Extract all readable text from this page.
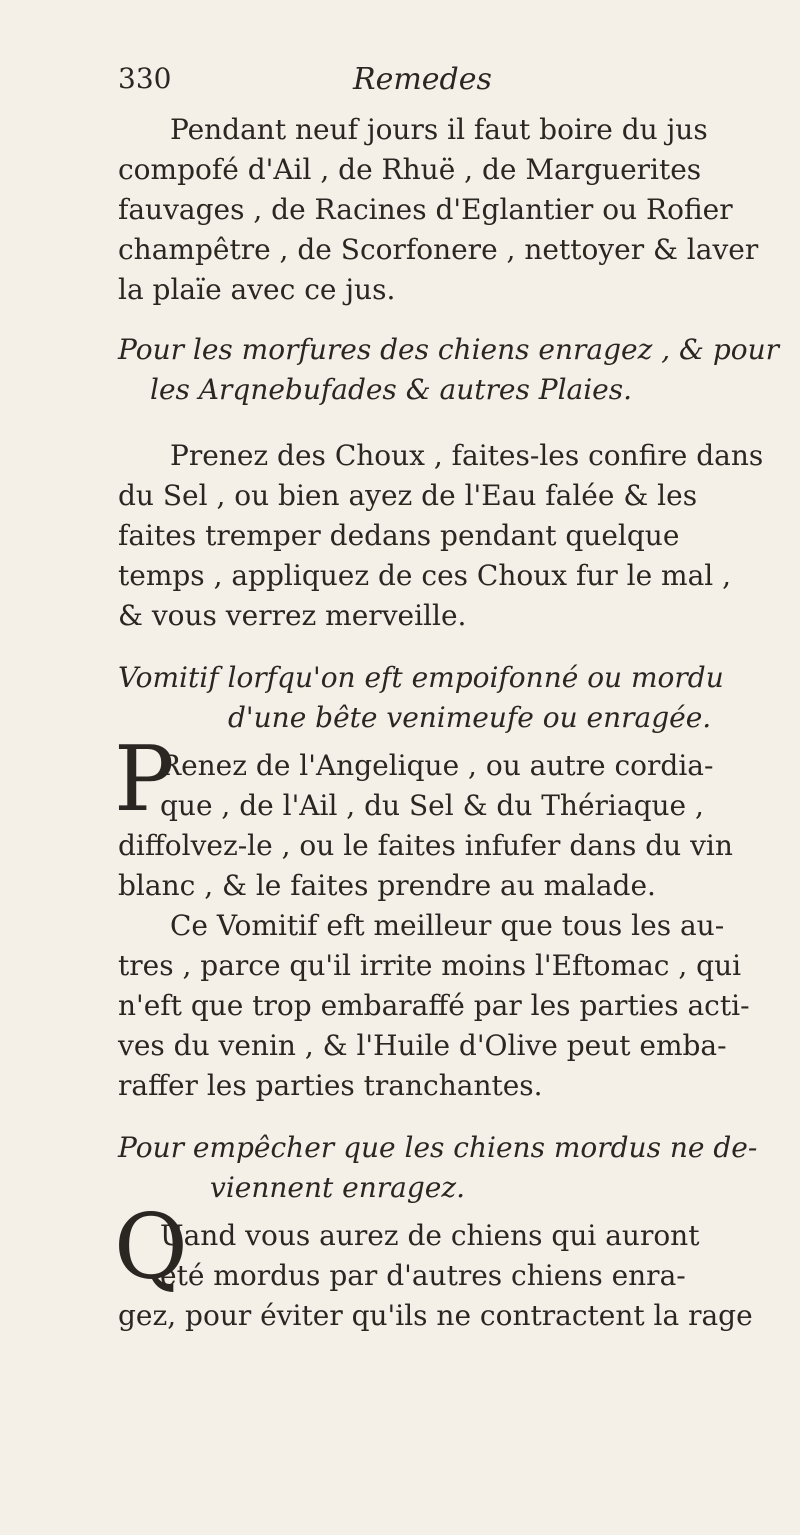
330	Remedes
Pendant neuf jours il faut boire du jus
compofé d'Ail , de Rhuë , de Marguerites
fauvages , de Racines d'Eglantier ou Rofier
champêtre , de Scorfonere , nettoyer & laver
la plaïe avec ce jus.
Pour les morfures des chiens enragez , & pour
les Arqnebufades & autres Plaies.
Prenez des Choux , faites-les confire dans
du Sel , ou bien ayez de l'Eau falée & les
faites tremper dedans pendant quelque
temps , appliquez de ces Choux fur le mal ,
& vous verrez merveille.
Vomitif lorfqu'on eft empoifonné ou mordu
d'une bête venimeufe ou enragée.
P
Renez de l'Angelique , ou autre cordia-
que , de l'Ail , du Sel & du Thériaque ,
diffolvez-le , ou le faites infufer dans du vin
blanc , & le faites prendre au malade.
Ce Vomitif eft meilleur que tous les au-
tres , parce qu'il irrite moins l'Eftomac , qui
n'eft que trop embaraffé par les parties acti-
ves du venin , & l'Huile d'Olive peut emba-
raffer les parties tranchantes.
Pour empêcher que les chiens mordus ne de-
viennent enragez.
Q
Uand vous aurez de chiens qui auront
été mordus par d'autres chiens enra-
gez, pour éviter qu'ils ne contractent la rage
